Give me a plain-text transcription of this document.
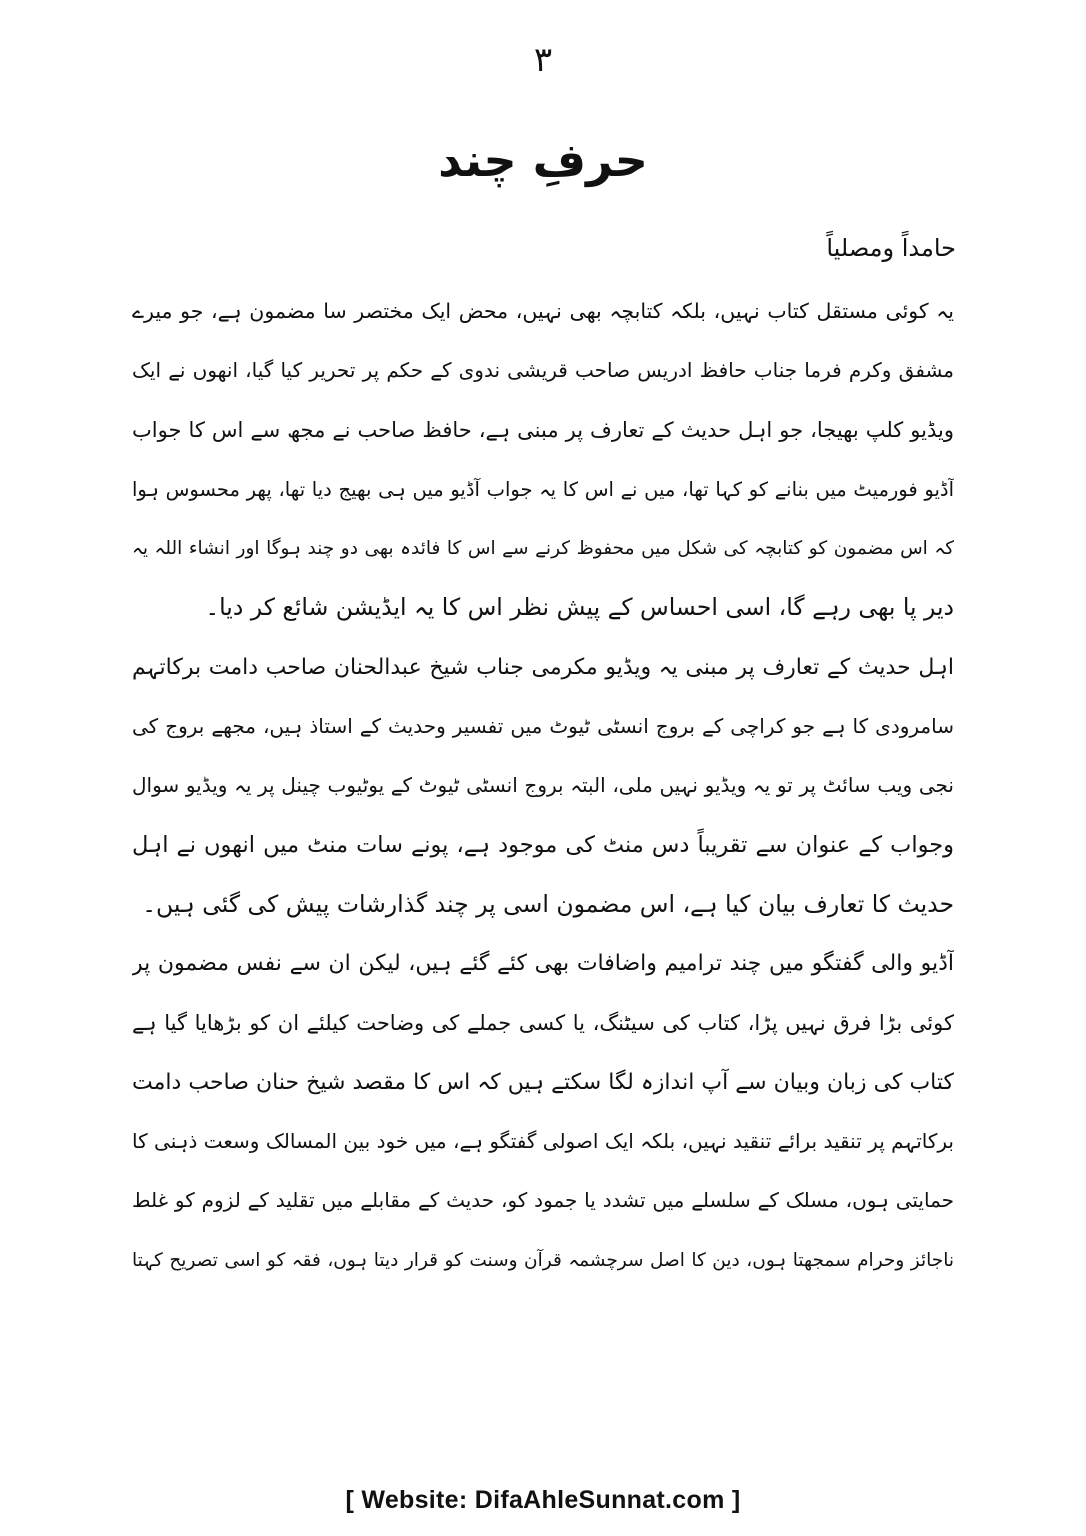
۳
حرفِ چند
حامداً ومصلیاً
یہ کوئی مستقل کتاب نہیں، بلکہ کتابچہ بھی نہیں، محض ایک مختصر سا مضمون ہے، جو میرے
مشفق وکرم فرما جناب حافظ ادریس صاحب قریشی ندوی کے حکم پر تحریر کیا گیا، انھوں نے ایک
ویڈیو کلپ بھیجا، جو اہل حدیث کے تعارف پر مبنی ہے، حافظ صاحب نے مجھ سے اس کا جواب
آڈیو فورمیٹ میں بنانے کو کہا تھا، میں نے اس کا یہ جواب آڈیو میں ہی بھیج دیا تھا، پھر محسوس ہوا
کہ اس مضمون کو کتابچہ کی شکل میں محفوظ کرنے سے اس کا فائدہ بھی دو چند ہوگا اور انشاء اللہ یہ
دیر پا بھی رہے گا، اسی احساس کے پیش نظر اس کا یہ ایڈیشن شائع کر دیا۔
اہل حدیث کے تعارف پر مبنی یہ ویڈیو مکرمی جناب شیخ عبدالحنان صاحب دامت برکاتہم
سامرودی کا ہے جو کراچی کے بروج انسٹی ٹیوٹ میں تفسیر وحدیث کے استاذ ہیں، مجھے بروج کی
نجی ویب سائٹ پر تو یہ ویڈیو نہیں ملی، البتہ بروج انسٹی ٹیوٹ کے یوٹیوب چینل پر یہ ویڈیو سوال
وجواب کے عنوان سے تقریباً دس منٹ کی موجود ہے، پونے سات منٹ میں انھوں نے اہل
حدیث کا تعارف بیان کیا ہے، اس مضمون اسی پر چند گذارشات پیش کی گئی ہیں۔
آڈیو والی گفتگو میں چند ترامیم واضافات بھی کئے گئے ہیں، لیکن ان سے نفس مضمون پر
کوئی بڑا فرق نہیں پڑا، کتاب کی سیٹنگ، یا کسی جملے کی وضاحت کیلئے ان کو بڑھایا گیا ہے
کتاب کی زبان وبیان سے آپ اندازہ لگا سکتے ہیں کہ اس کا مقصد شیخ حنان صاحب دامت
برکاتہم پر تنقید برائے تنقید نہیں، بلکہ ایک اصولی گفتگو ہے، میں خود بین المسالک وسعت ذہنی کا
حمایتی ہوں، مسلک کے سلسلے میں تشدد یا جمود کو، حدیث کے مقابلے میں تقلید کے لزوم کو غلط
ناجائز وحرام سمجھتا ہوں، دین کا اصل سرچشمہ قرآن وسنت کو قرار دیتا ہوں، فقہ کو اسی تصریح کہتا
[ Website: DifaAhleSunnat.com ]
